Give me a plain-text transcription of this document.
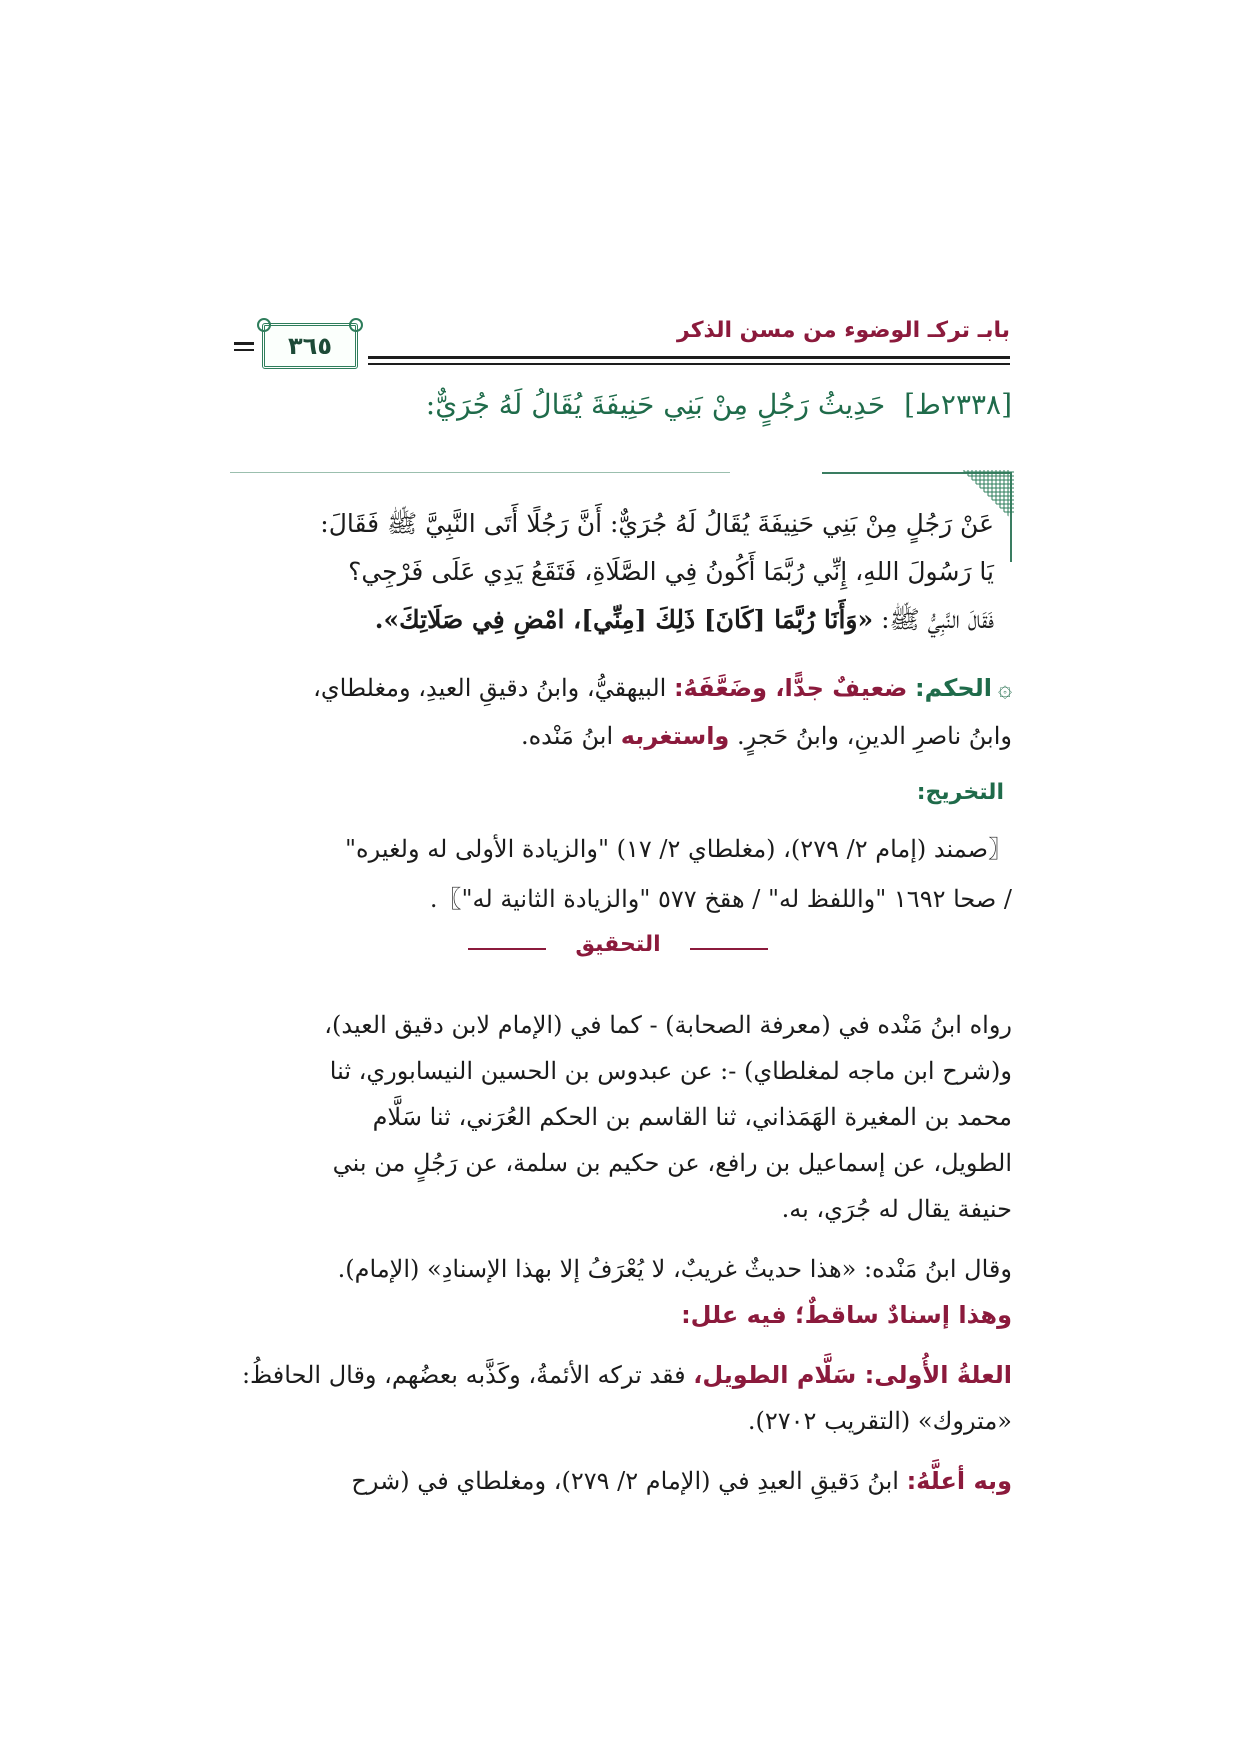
بابـ تركـ الوضوء من مسن الذكر
٣٦٥
[٢٣٣٨ط] حَدِيثُ رَجُلٍ مِنْ بَنِي حَنِيفَةَ يُقَالُ لَهُ جُرَيٌّ:

عَنْ رَجُلٍ مِنْ بَنِي حَنِيفَةَ يُقَالُ لَهُ جُرَيٌّ: أَنَّ رَجُلًا أَتَى النَّبِيَّ ﷺ فَقَالَ:

يَا رَسُولَ اللهِ، إِنِّي رُبَّمَا أَكُونُ فِي الصَّلَاةِ، فَتَقَعُ يَدِي عَلَى فَرْجِي؟

فَقَالَ النَّبِيُّ ﷺ: «وَأَنَا رُبَّمَا [كَانَ] ذَلِكَ [مِنِّي]، امْضِ فِي صَلَاتِكَ».

۞الحكم: ضعيفٌ جدًّا، وضَعَّفَهُ: البيهقيُّ، وابنُ دقيقِ العيدِ، ومغلطاي،

وابنُ ناصرِ الدينِ، وابنُ حَجرٍ. واستغربه ابنُ مَنْده.

التخريج:

〖صمند (إمام ٢/ ٢٧٩)، (مغلطاي ٢/ ١٧) "والزيادة الأولى له ولغيره"

/ صحا ١٦٩٢ "واللفظ له" / هقخ ٥٧٧ "والزيادة الثانية له"〗.

التحقيق

رواه ابنُ مَنْده في (معرفة الصحابة) - كما في (الإمام لابن دقيق العيد)،

و(شرح ابن ماجه لمغلطاي) -: عن عبدوس بن الحسين النيسابوري، ثنا

محمد بن المغيرة الهَمَذاني، ثنا القاسم بن الحكم العُرَني، ثنا سَلَّام

الطويل، عن إسماعيل بن رافع، عن حكيم بن سلمة، عن رَجُلٍ من بني

حنيفة يقال له جُرَي، به.

وقال ابنُ مَنْده: «هذا حديثٌ غريبٌ، لا يُعْرَفُ إلا بهذا الإسنادِ» (الإمام).

وهذا إسنادٌ ساقطٌ؛ فيه علل:

العلةُ الأُولى: سَلَّام الطويل، فقد تركه الأئمةُ، وكَذَّبه بعضُهم، وقال الحافظُ:

«متروك» (التقريب ٢٧٠٢).

وبه أعلَّهُ: ابنُ دَقيقِ العيدِ في (الإمام ٢/ ٢٧٩)، ومغلطاي في (شرح
